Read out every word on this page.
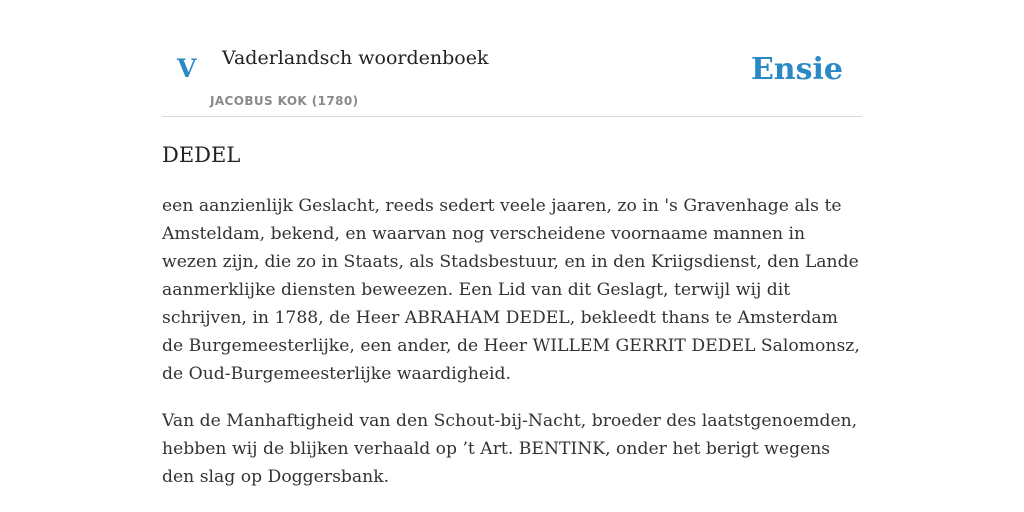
V Vaderlandsch woordenboek
JACOBUS KOK (1780)
Ensie
DEDEL

een aanzienlijk Geslacht, reeds sedert veele jaaren, zo in 's Gravenhage als te Amsteldam, bekend, en waarvan nog verscheidene voornaame mannen in wezen zijn, die zo in Staats, als Stadsbestuur, en in den Kriigsdienst, den Lande aanmerklijke diensten beweezen. Een Lid van dit Geslagt, terwijl wij dit schrijven, in 1788, de Heer ABRAHAM DEDEL, bekleedt thans te Amsterdam de Burgemeesterlijke, een ander, de Heer WILLEM GERRIT DEDEL Salomonsz, de Oud-Burgemeesterlijke waardigheid.

Van de Manhaftigheid van den Schout-bij-Nacht, broeder des laatstgenoemden, hebben wij de blijken verhaald op ’t Art. BENTINK, onder het berigt wegens den slag op Doggersbank.
